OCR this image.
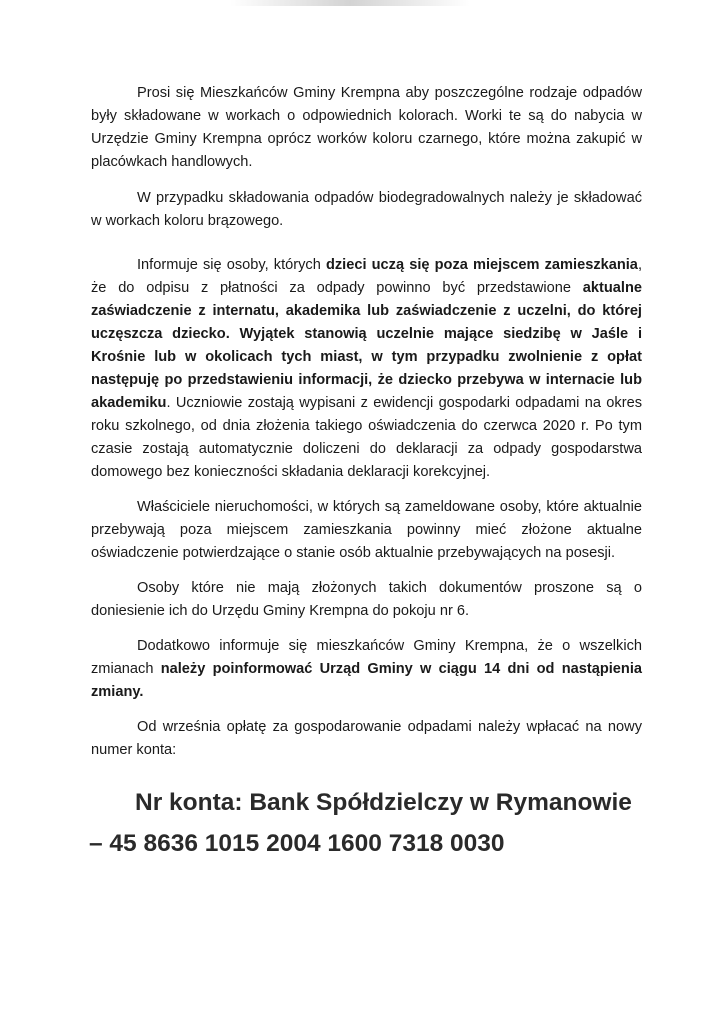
Prosi się Mieszkańców Gminy Krempna aby poszczególne rodzaje odpadów były składowane w workach o odpowiednich kolorach. Worki te są do nabycia w Urzędzie Gminy Krempna oprócz worków koloru czarnego, które można zakupić w placówkach handlowych.

W przypadku składowania odpadów biodegradowalnych należy je składować w workach koloru brązowego.

Informuje się osoby, których dzieci uczą się poza miejscem zamieszkania, że do odpisu z płatności za odpady powinno być przedstawione aktualne zaświadczenie z internatu, akademika lub zaświadczenie z uczelni, do której uczęszcza dziecko. Wyjątek stanowią uczelnie mające siedzibę w Jaśle i Krośnie lub w okolicach tych miast, w tym przypadku zwolnienie z opłat następuję po przedstawieniu informacji, że dziecko przebywa w internacie lub akademiku. Uczniowie zostają wypisani z ewidencji gospodarki odpadami na okres roku szkolnego, od dnia złożenia takiego oświadczenia do czerwca 2020 r. Po tym czasie zostają automatycznie doliczeni do deklaracji za odpady gospodarstwa domowego bez konieczności składania deklaracji korekcyjnej.

Właściciele nieruchomości, w których są zameldowane osoby, które aktualnie przebywają poza miejscem zamieszkania powinny mieć złożone aktualne oświadczenie potwierdzające o stanie osób aktualnie przebywających na posesji.

Osoby które nie mają złożonych takich dokumentów proszone są o doniesienie ich do Urzędu Gminy Krempna do pokoju nr 6.

Dodatkowo informuje się mieszkańców Gminy Krempna, że o wszelkich zmianach należy poinformować Urząd Gminy w ciągu 14 dni od nastąpienia zmiany.

Od września opłatę za gospodarowanie odpadami należy wpłacać na nowy numer konta:

Nr konta: Bank Spółdzielczy w Rymanowie
– 45 8636 1015 2004 1600 7318 0030
